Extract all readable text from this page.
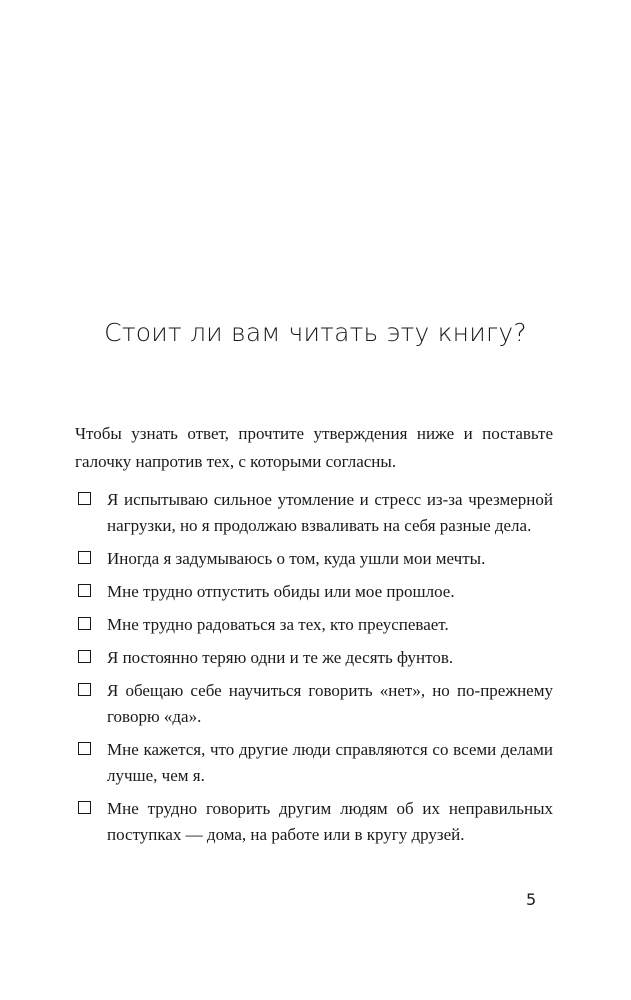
Стоит ли вам читать эту книгу?
Чтобы узнать ответ, прочтите утверждения ниже и поставьте галочку напротив тех, с которыми согласны.
Я испытываю сильное утомление и стресс из-за чрезмерной нагрузки, но я продолжаю взваливать на себя разные дела.
Иногда я задумываюсь о том, куда ушли мои мечты.
Мне трудно отпустить обиды или мое прошлое.
Мне трудно радоваться за тех, кто преуспевает.
Я постоянно теряю одни и те же десять фунтов.
Я обещаю себе научиться говорить «нет», но по-прежнему говорю «да».
Мне кажется, что другие люди справляются со всеми делами лучше, чем я.
Мне трудно говорить другим людям об их неправильных поступках — дома, на работе или в кругу друзей.
5
